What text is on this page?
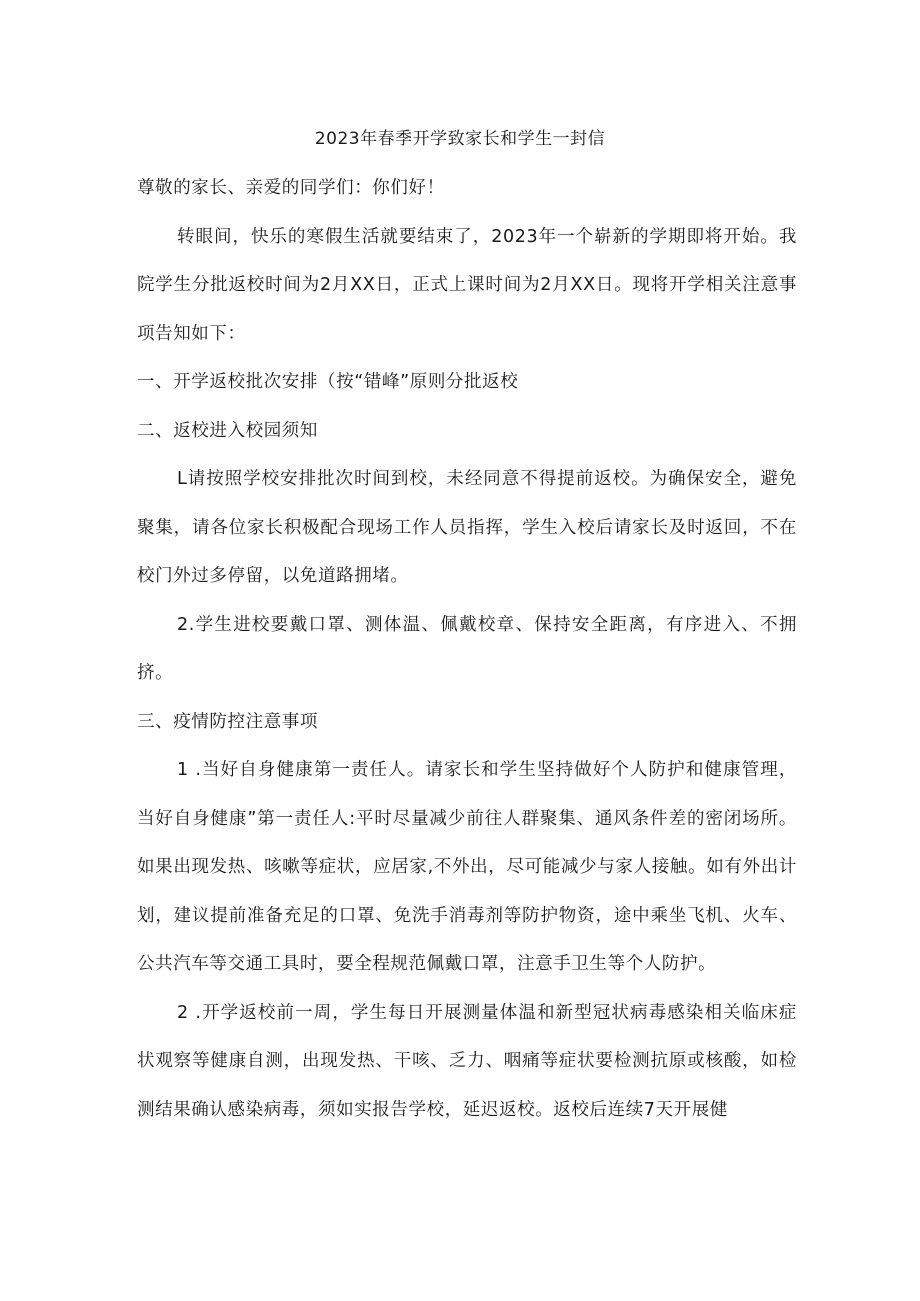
2023年春季开学致家长和学生一封信

尊敬的家长、亲爱的同学们：你们好！

转眼间，快乐的寒假生活就要结束了，2023年一个崭新的学期即将开始。我院学生分批返校时间为2月XX日，正式上课时间为2月XX日。现将开学相关注意事项告知如下：

一、开学返校批次安排（按“错峰”原则分批返校

二、返校进入校园须知

L请按照学校安排批次时间到校，未经同意不得提前返校。为确保安全，避免聚集，请各位家长积极配合现场工作人员指挥，学生入校后请家长及时返回，不在校门外过多停留，以免道路拥堵。

2.学生进校要戴口罩、测体温、佩戴校章、保持安全距离，有序进入、不拥挤。

三、疫情防控注意事项

1 .当好自身健康第一责任人。请家长和学生坚持做好个人防护和健康管理，当好自身健康”第一责任人:平时尽量减少前往人群聚集、通风条件差的密闭场所。如果出现发热、咳嗽等症状，应居家,不外出，尽可能减少与家人接触。如有外出计划，建议提前准备充足的口罩、免洗手消毒剂等防护物资，途中乘坐飞机、火车、公共汽车等交通工具时，要全程规范佩戴口罩，注意手卫生等个人防护。

2 .开学返校前一周，学生每日开展测量体温和新型冠状病毒感染相关临床症状观察等健康自测，出现发热、干咳、乏力、咽痛等症状要检测抗原或核酸，如检测结果确认感染病毒，须如实报告学校，延迟返校。返校后连续7天开展健
